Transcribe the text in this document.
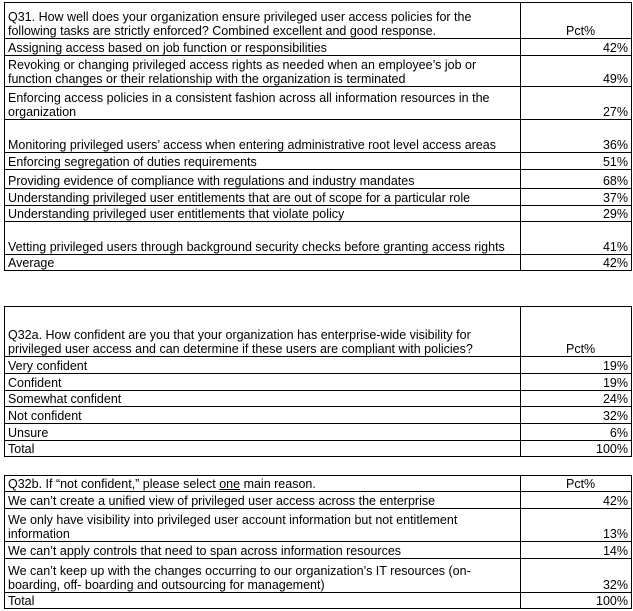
Q31. How well does your organization ensure privileged user access policies for the following tasks are strictly enforced? Combined excellent and good response.	Pct%
Assigning access based on job function or responsibilities	42%
Revoking or changing privileged access rights as needed when an employee’s job or function changes or their relationship with the organization is terminated	49%
Enforcing access policies in a consistent fashion across all information resources in the organization	27%
Monitoring privileged users’ access when entering administrative root level access areas	36%
Enforcing segregation of duties requirements	51%
Providing evidence of compliance with regulations and industry mandates	68%
Understanding privileged user entitlements that are out of scope for a particular role	37%
Understanding privileged user entitlements that violate policy	29%
Vetting privileged users through background security checks before granting access rights	41%
Average	42%
Q32a. How confident are you that your organization has enterprise-wide visibility for privileged user access and can determine if these users are compliant with policies?	Pct%
Very confident	19%
Confident	19%
Somewhat confident	24%
Not confident	32%
Unsure	6%
Total	100%
Q32b. If “not confident,” please select one main reason.	Pct%
We can’t create a unified view of privileged user access across the enterprise	42%
We only have visibility into privileged user account information but not entitlement information	13%
We can’t apply controls that need to span across information resources	14%
We can’t keep up with the changes occurring to our organization’s IT resources (on-boarding, off- boarding and outsourcing for management)	32%
Total	100%
